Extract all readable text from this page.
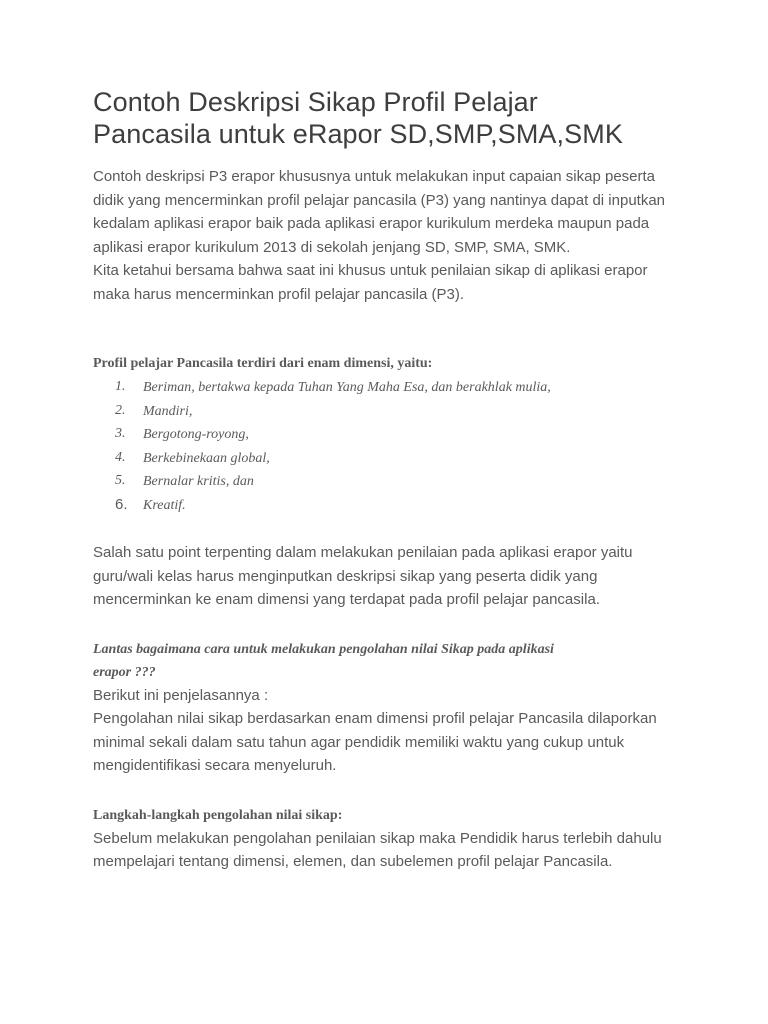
Contoh Deskripsi Sikap Profil Pelajar
Pancasila untuk eRapor SD,SMP,SMA,SMK

Contoh deskripsi P3 erapor khususnya untuk melakukan input capaian sikap peserta didik yang mencerminkan profil pelajar pancasila (P3) yang nantinya dapat di inputkan kedalam aplikasi erapor baik pada aplikasi erapor kurikulum merdeka maupun pada aplikasi erapor kurikulum 2013 di sekolah jenjang SD, SMP, SMA, SMK.

Kita ketahui bersama bahwa saat ini khusus untuk penilaian sikap di aplikasi erapor maka harus mencerminkan profil pelajar pancasila (P3).

Profil pelajar Pancasila terdiri dari enam dimensi, yaitu:

1. Beriman, bertakwa kepada Tuhan Yang Maha Esa, dan berakhlak mulia,
2. Mandiri,
3. Bergotong-royong,
4. Berkebinekaan global,
5. Bernalar kritis, dan
6. Kreatif.

Salah satu point terpenting dalam melakukan penilaian pada aplikasi erapor yaitu guru/wali kelas harus menginputkan deskripsi sikap yang peserta didik yang mencerminkan ke enam dimensi yang terdapat pada profil pelajar pancasila.

Lantas bagaimana cara untuk melakukan pengolahan nilai Sikap pada aplikasi
erapor ???

Berikut ini penjelasannya :

Pengolahan nilai sikap berdasarkan enam dimensi profil pelajar Pancasila dilaporkan minimal sekali dalam satu tahun agar pendidik memiliki waktu yang cukup untuk mengidentifikasi secara menyeluruh.

Langkah-langkah pengolahan nilai sikap:

Sebelum melakukan pengolahan penilaian sikap maka Pendidik harus terlebih dahulu mempelajari tentang dimensi, elemen, dan subelemen profil pelajar Pancasila.
